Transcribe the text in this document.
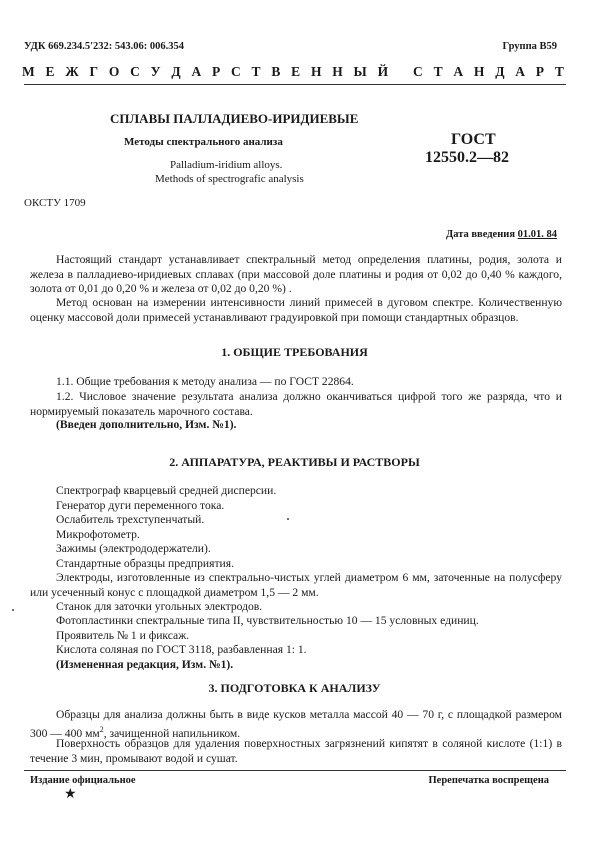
УДК 669.234.5'232: 543.06: 006.354	Группа В59
М Е Ж Г О С У Д А Р С Т В Е Н Н Ы Й
С Т А Н Д А Р Т
СПЛАВЫ ПАЛЛАДИЕВО-ИРИДИЕВЫЕ
Методы спектрального анализа
Palladium-iridium alloys.
Methods of spectrografic analysis
ГОСТ
12550.2—82
ОКСТУ 1709
Дата введения 01.01. 84

Настоящий стандарт устанавливает спектральный метод определения платины, родия, золота и железа в палладиево-иридиевых сплавах (при массовой доле платины и родия от 0,02 до 0,40 % каждого, золота от 0,01 до 0,20 % и железа от 0,02 до 0,20 %) .

Метод основан на измерении интенсивности линий примесей в дуговом спектре. Количественную оценку массовой доли примесей устанавливают градуировкой при помощи стандартных образцов.

1. ОБЩИЕ ТРЕБОВАНИЯ

1.1. Общие требования к методу анализа — по ГОСТ 22864.

1.2. Числовое значение результата анализа должно оканчиваться цифрой того же разряда, что и нормируемый показатель марочного состава.

(Введен дополнительно, Изм. №1).

2. АППАРАТУРА, РЕАКТИВЫ И РАСТВОРЫ

Спектрограф кварцевый средней дисперсии.

Генератор дуги переменного тока.

Ослабитель трехступенчатый.

Микрофотометр.

Зажимы (электрододержатели).

Стандартные образцы предприятия.

Электроды, изготовленные из спектрально-чистых углей диаметром 6 мм, заточенные на полусферу или усеченный конус с площадкой диаметром 1,5 — 2 мм.

Станок для заточки угольных электродов.

Фотопластинки спектральные типа II, чувствительностью 10 — 15 условных единиц.

Проявитель № 1 и фиксаж.

Кислота соляная по ГОСТ 3118, разбавленная 1: 1.

(Измененная редакция, Изм. №1).

3. ПОДГОТОВКА К АНАЛИЗУ

Образцы для анализа должны быть в виде кусков металла массой 40 — 70 г, с площадкой размером 300 — 400 $мм^2$, зачищенной напильником.

Поверхность образцов для удаления поверхностных загрязнений кипятят в соляной кислоте (1:1) в течение 3 мин, промывают водой и сушат.

Издание официальное	Перепечатка воспрещена
★
